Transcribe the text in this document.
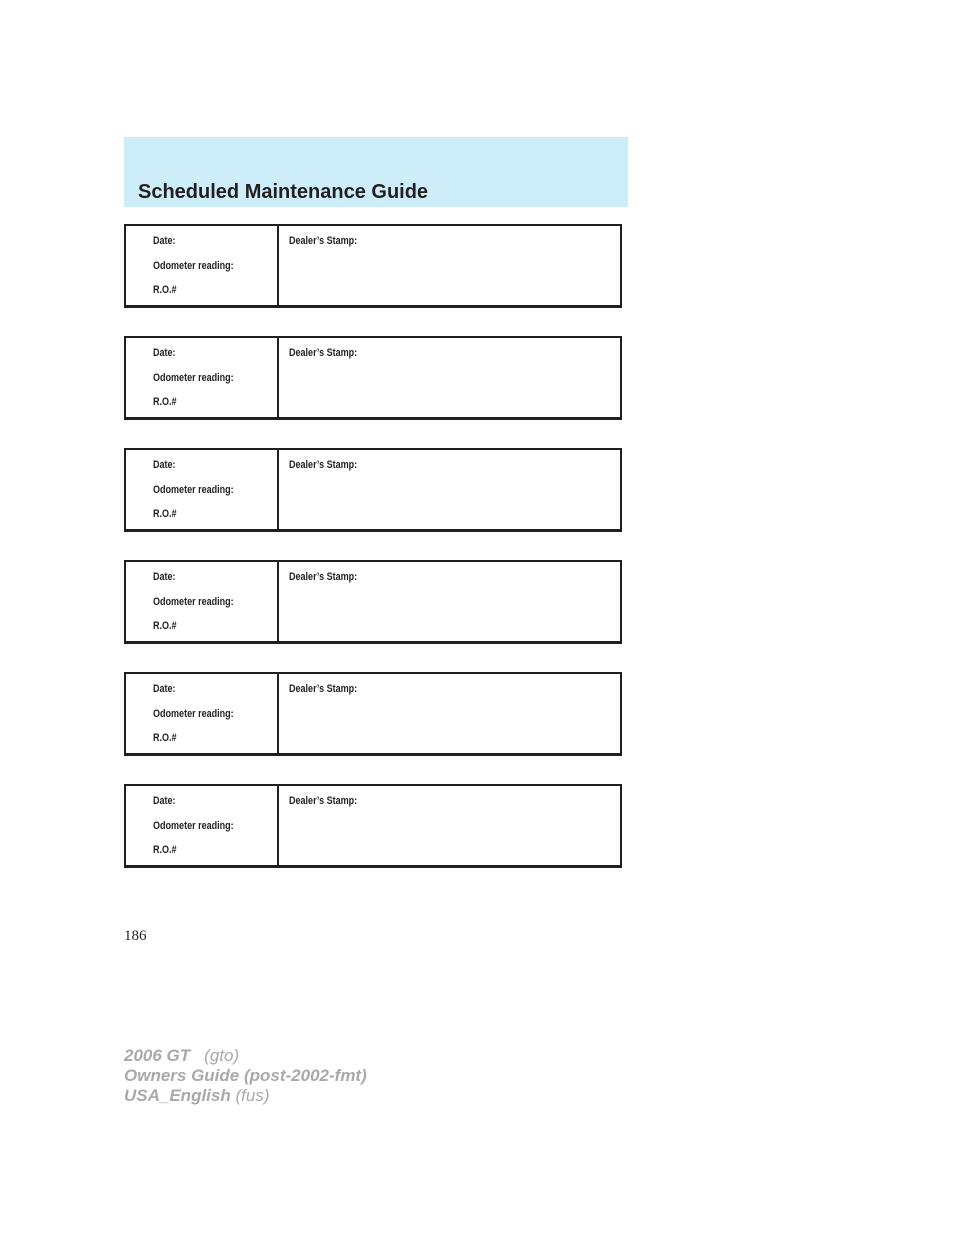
Scheduled Maintenance Guide
Date:
Odometer reading:
R.O.#
Dealer’s Stamp:
Date:
Odometer reading:
R.O.#
Dealer’s Stamp:
Date:
Odometer reading:
R.O.#
Dealer’s Stamp:
Date:
Odometer reading:
R.O.#
Dealer’s Stamp:
Date:
Odometer reading:
R.O.#
Dealer’s Stamp:
Date:
Odometer reading:
R.O.#
Dealer’s Stamp:
186
2006 GT (gto)
Owners Guide (post-2002-fmt)
USA_English (fus)
